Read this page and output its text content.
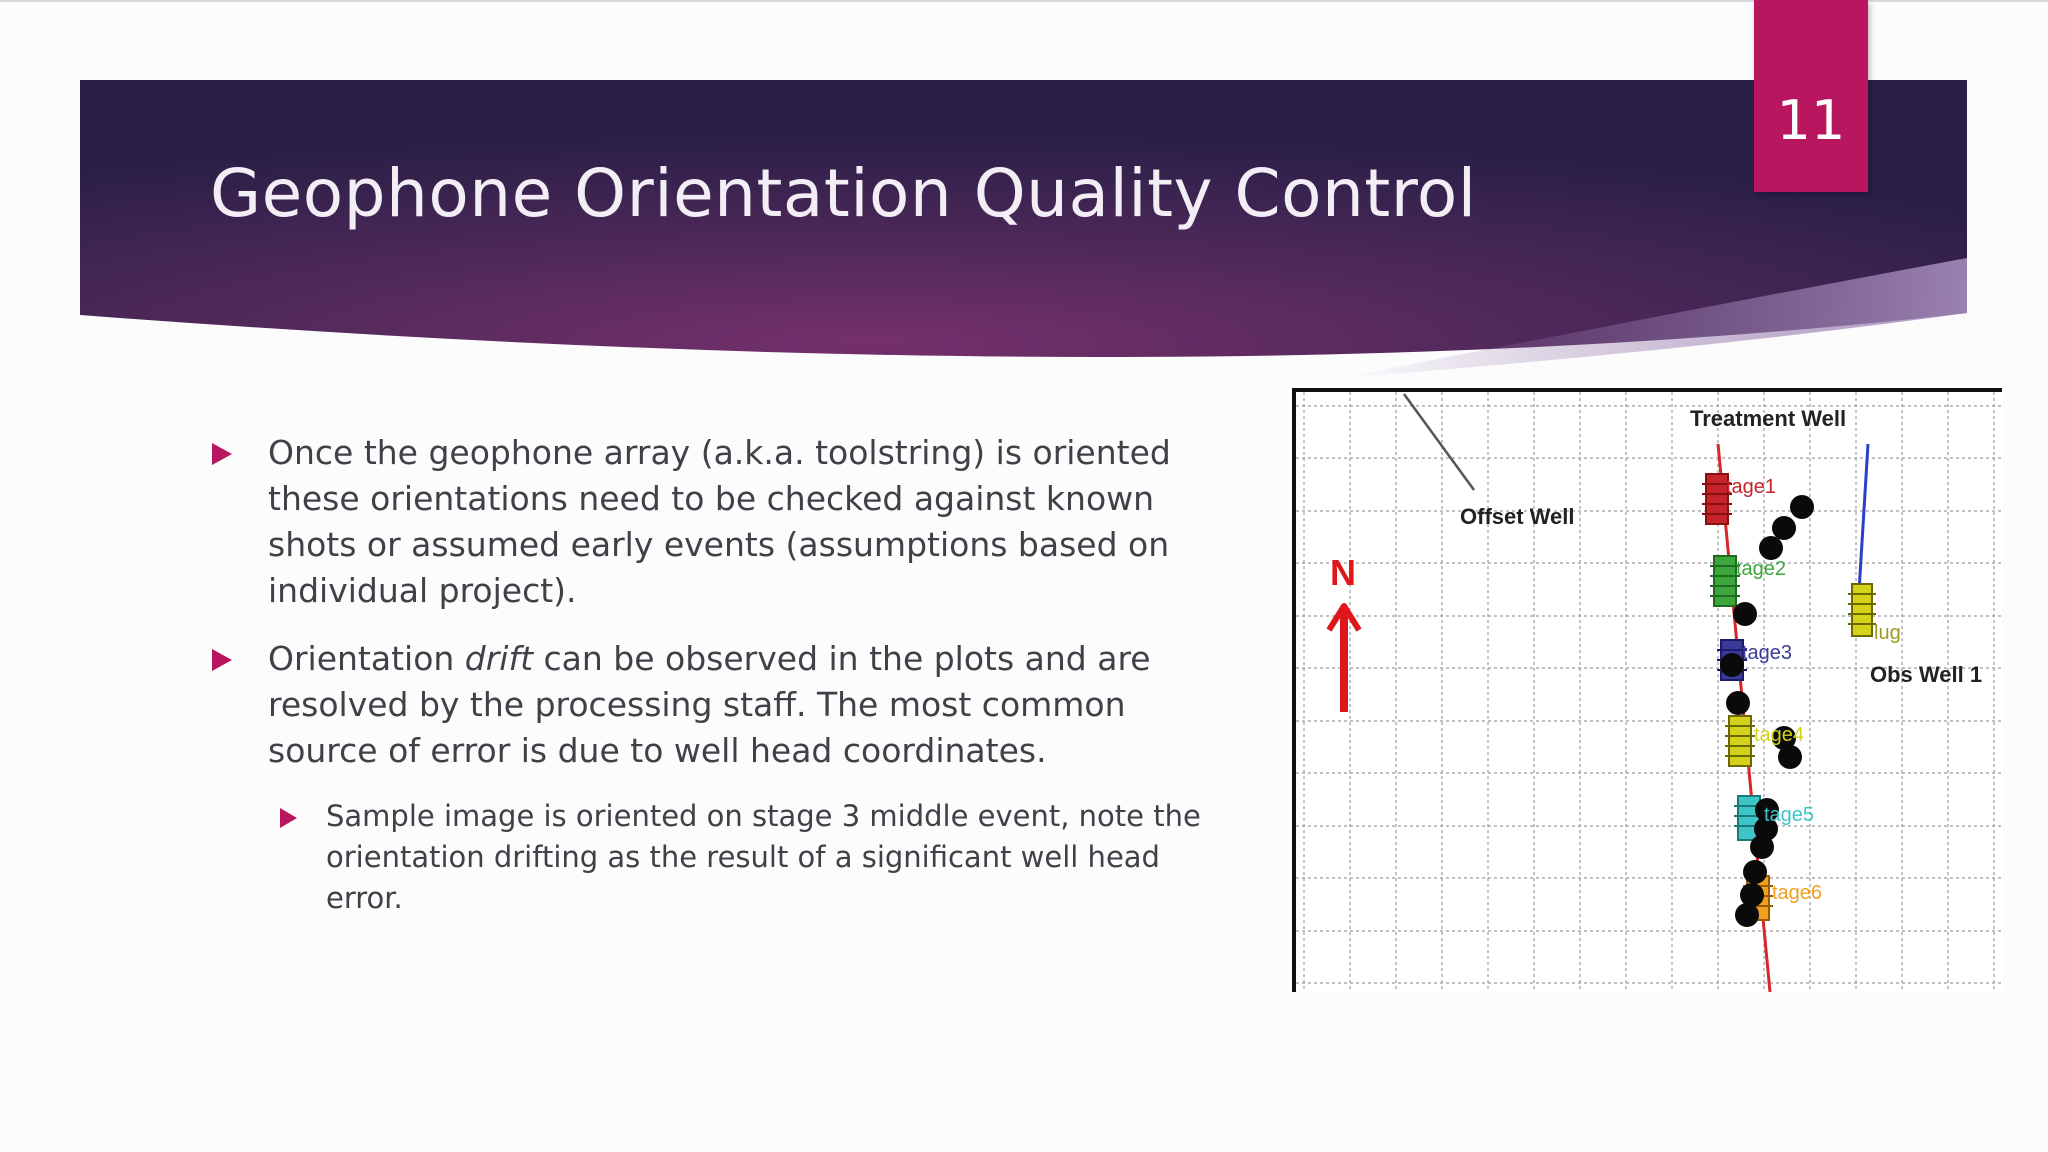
Geophone Orientation Quality Control
11
Once the geophone array (a.k.a. toolstring) is oriented these orientations need to be checked against known shots or assumed early events (assumptions based on individual project).
Orientation drift can be observed in the plots and are resolved by the processing staff. The most common source of error is due to well head coordinates.
Sample image is oriented on stage 3 middle event, note the orientation drifting as the result of a significant well head error.
Treatment Well
Offset Well
Obs Well 1
N
tage1
tage2
tage3
tage4
tage5
tage6
lug
